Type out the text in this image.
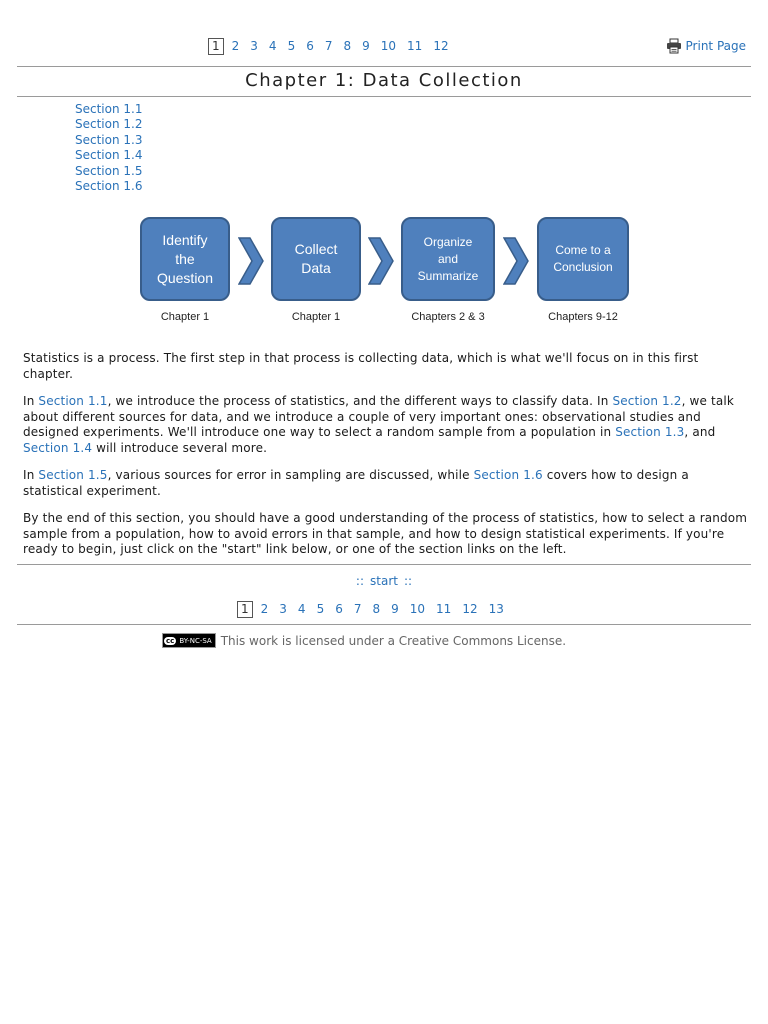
1	2 3 4 5 6 7 8 9 10 11 12	Print Page
Chapter 1: Data Collection
Section 1.1
Section 1.2
Section 1.3
Section 1.4
Section 1.5
Section 1.6
Identify
the
Question
Chapter 1
Collect
Data
Chapter 1
Organize
and
Summarize
Chapters 2 & 3
Come to a
Conclusion
Chapters 9-12

Statistics is a process. The first step in that process is collecting data, which is what we'll focus on in this first chapter.

In Section 1.1, we introduce the process of statistics, and the different ways to classify data. In Section 1.2, we talk about different sources for data, and we introduce a couple of very important ones: observational studies and designed experiments. We'll introduce one way to select a random sample from a population in Section 1.3, and Section 1.4 will introduce several more.

In Section 1.5, various sources for error in sampling are discussed, while Section 1.6 covers how to design a statistical experiment.

By the end of this section, you should have a good understanding of the process of statistics, how to select a random sample from a population, how to avoid errors in that sample, and how to design statistical experiments. If you're ready to begin, just click on the "start" link below, or one of the section links on the left.

:: start ::
1	2 3 4 5 6 7 8 9 10 11 12 13
cc BY-NC-SA This work is licensed under a Creative Commons License.
